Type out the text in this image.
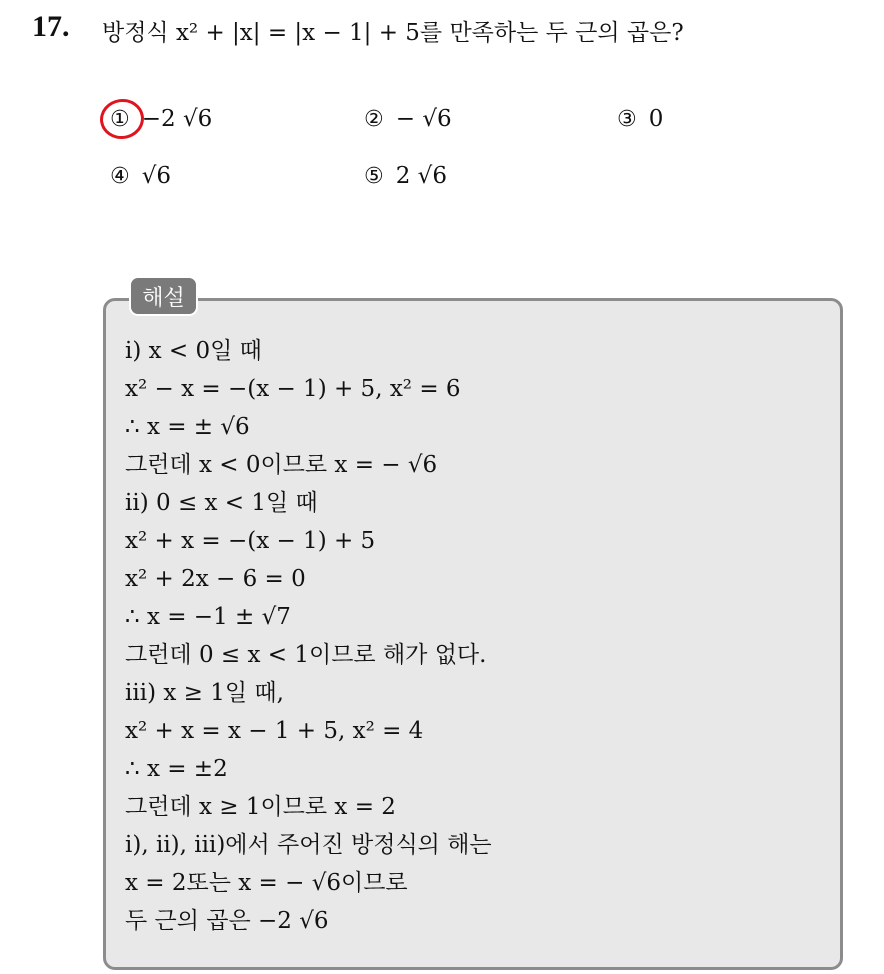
17. 방정식 x² + |x| = |x − 1| + 5를 만족하는 두 근의 곱은?
① −2 √6	② − √6	③ 0
④ √6	⑤ 2 √6
해설
ⅰ) x < 0일 때
x² − x = −(x − 1) + 5, x² = 6
∴ x = ± √6
그런데 x < 0이므로 x = − √6
ⅱ) 0 ≤ x < 1일 때
x² + x = −(x − 1) + 5
x² + 2x − 6 = 0
∴ x = −1 ± √7
그런데 0 ≤ x < 1이므로 해가 없다.
ⅲ) x ≥ 1일 때,
x² + x = x − 1 + 5, x² = 4
∴ x = ±2
그런데 x ≥ 1이므로 x = 2
ⅰ), ⅱ), ⅲ)에서 주어진 방정식의 해는
x = 2또는 x = − √6이므로
두 근의 곱은 −2 √6
